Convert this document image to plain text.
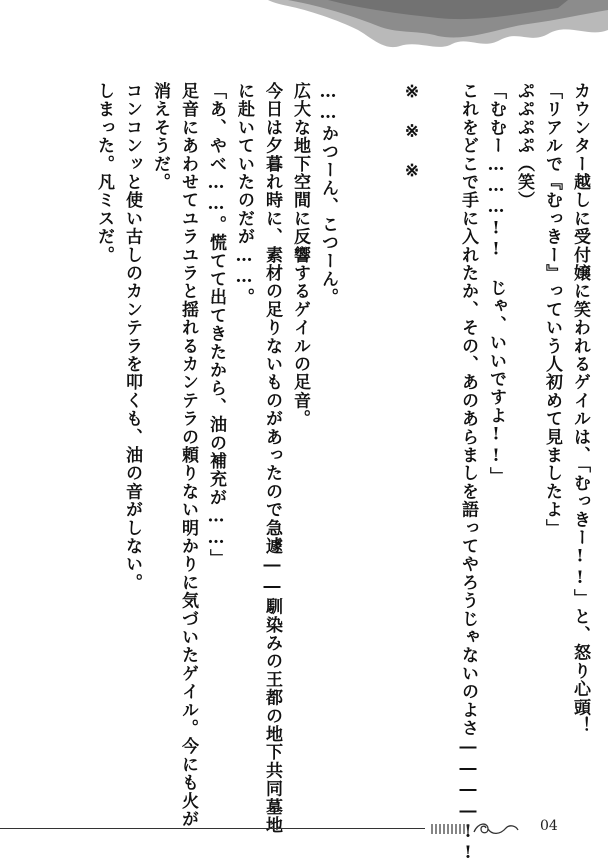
カウンター越しに受付嬢に笑われるゲイルは、「むっきー!!」と、怒り心頭！
「リアルで『むっきー』っていう人初めて見ましたよ」
ぷぷぷぷ（笑）
「むむー………!!　じゃ、いいですよ!!」
これをどこで手に入れたか、その、あのあらましを語ってやろうじゃないのよさ――――!!
※　※　※
……かつーん、こつーん。
広大な地下空間に反響するゲイルの足音。
今日は夕暮れ時に、素材の足りないものがあったので急遽――馴染みの王都の地下共同墓地
に赴いていたのだが……。
「あ、やべ……。慌てて出てきたから、油の補充が……」
足音にあわせてユラユラと揺れるカンテラの頼りない明かりに気づいたゲイル。今にも火が
消えそうだ。
コンコンッと使い古しのカンテラを叩くも、油の音がしない。
しまった。凡ミスだ。
04
